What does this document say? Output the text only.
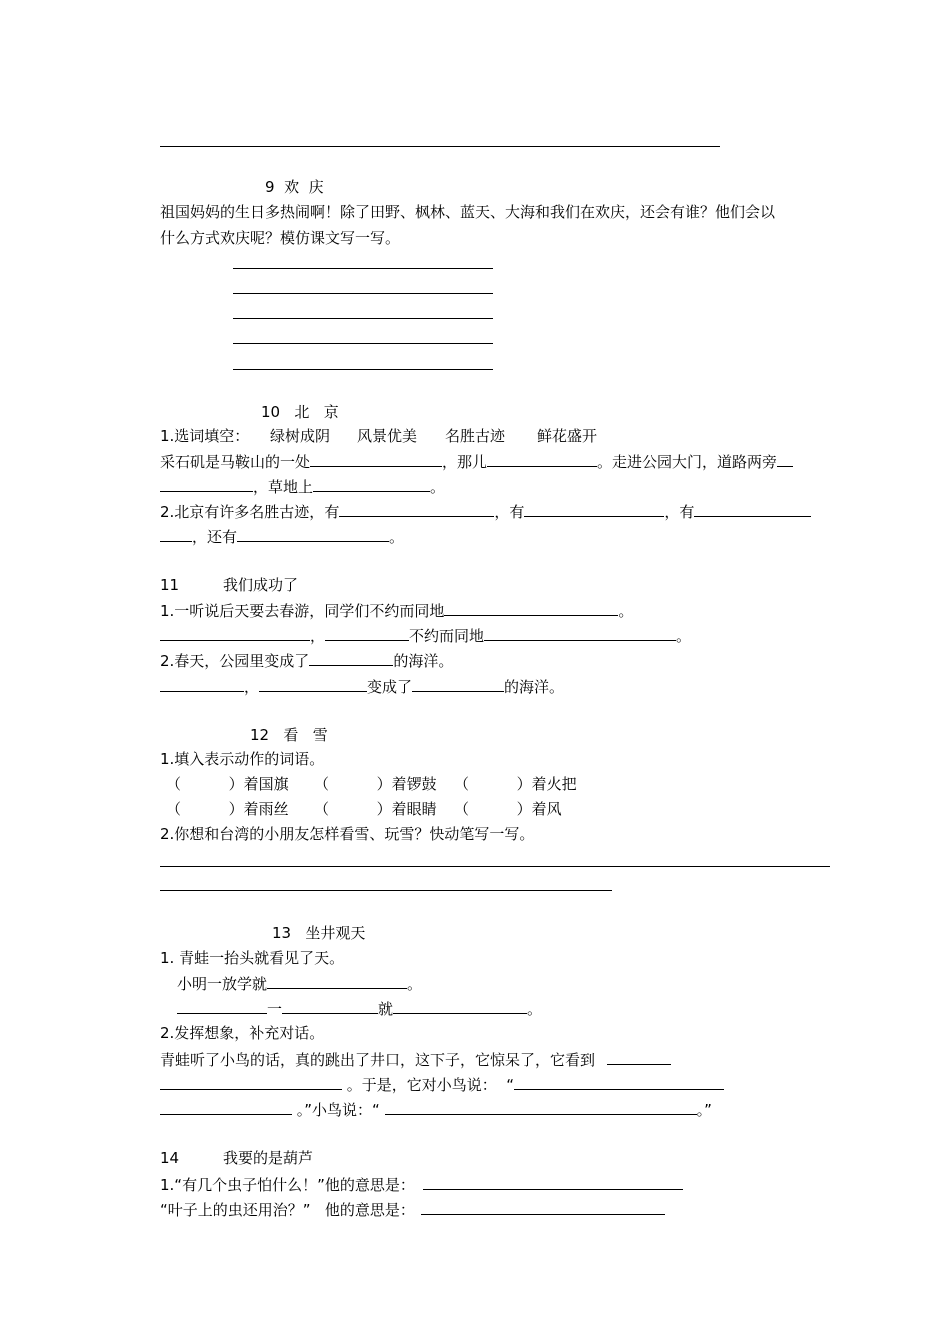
9  欢  庆
祖国妈妈的生日多热闹啊！除了田野、枫林、蓝天、大海和我们在欢庆，还会有谁？他们会以
什么方式欢庆呢？模仿课文写一写。
10   北   京
1.选词填空： 绿树成阴 风景优美 名胜古迹 鲜花盛开
采石矶是马鞍山的一处	，那儿	。走进公园大门，道路两旁
，草地上	。
2.北京有许多名胜古迹，有	，有	，有
，还有	。
11	我们成功了
1.一听说后天要去春游，同学们不约而同地	。
，	不约而同地	。
2.春天，公园里变成了	的海洋。
，	变成了	的海洋。
12   看   雪
1.填入表示动作的词语。
（          ）着国旗 （          ）着锣鼓 （          ）着火把
（          ）着雨丝 （          ）着眼睛 （          ）着风
2.你想和台湾的小朋友怎样看雪、玩雪？快动笔写一写。
13   坐井观天
1. 青蛙一抬头就看见了天。
小明一放学就	。
一	就	。
2.发挥想象，补充对话。
青蛙听了小鸟的话，真的跳出了井口，这下子，它惊呆了，它看到
。于是，它对小鸟说：  “
。”小鸟说：“	。”
14	我要的是葫芦
1.“有几个虫子怕什么！”他的意思是：
“叶子上的虫还用治？”   他的意思是：
